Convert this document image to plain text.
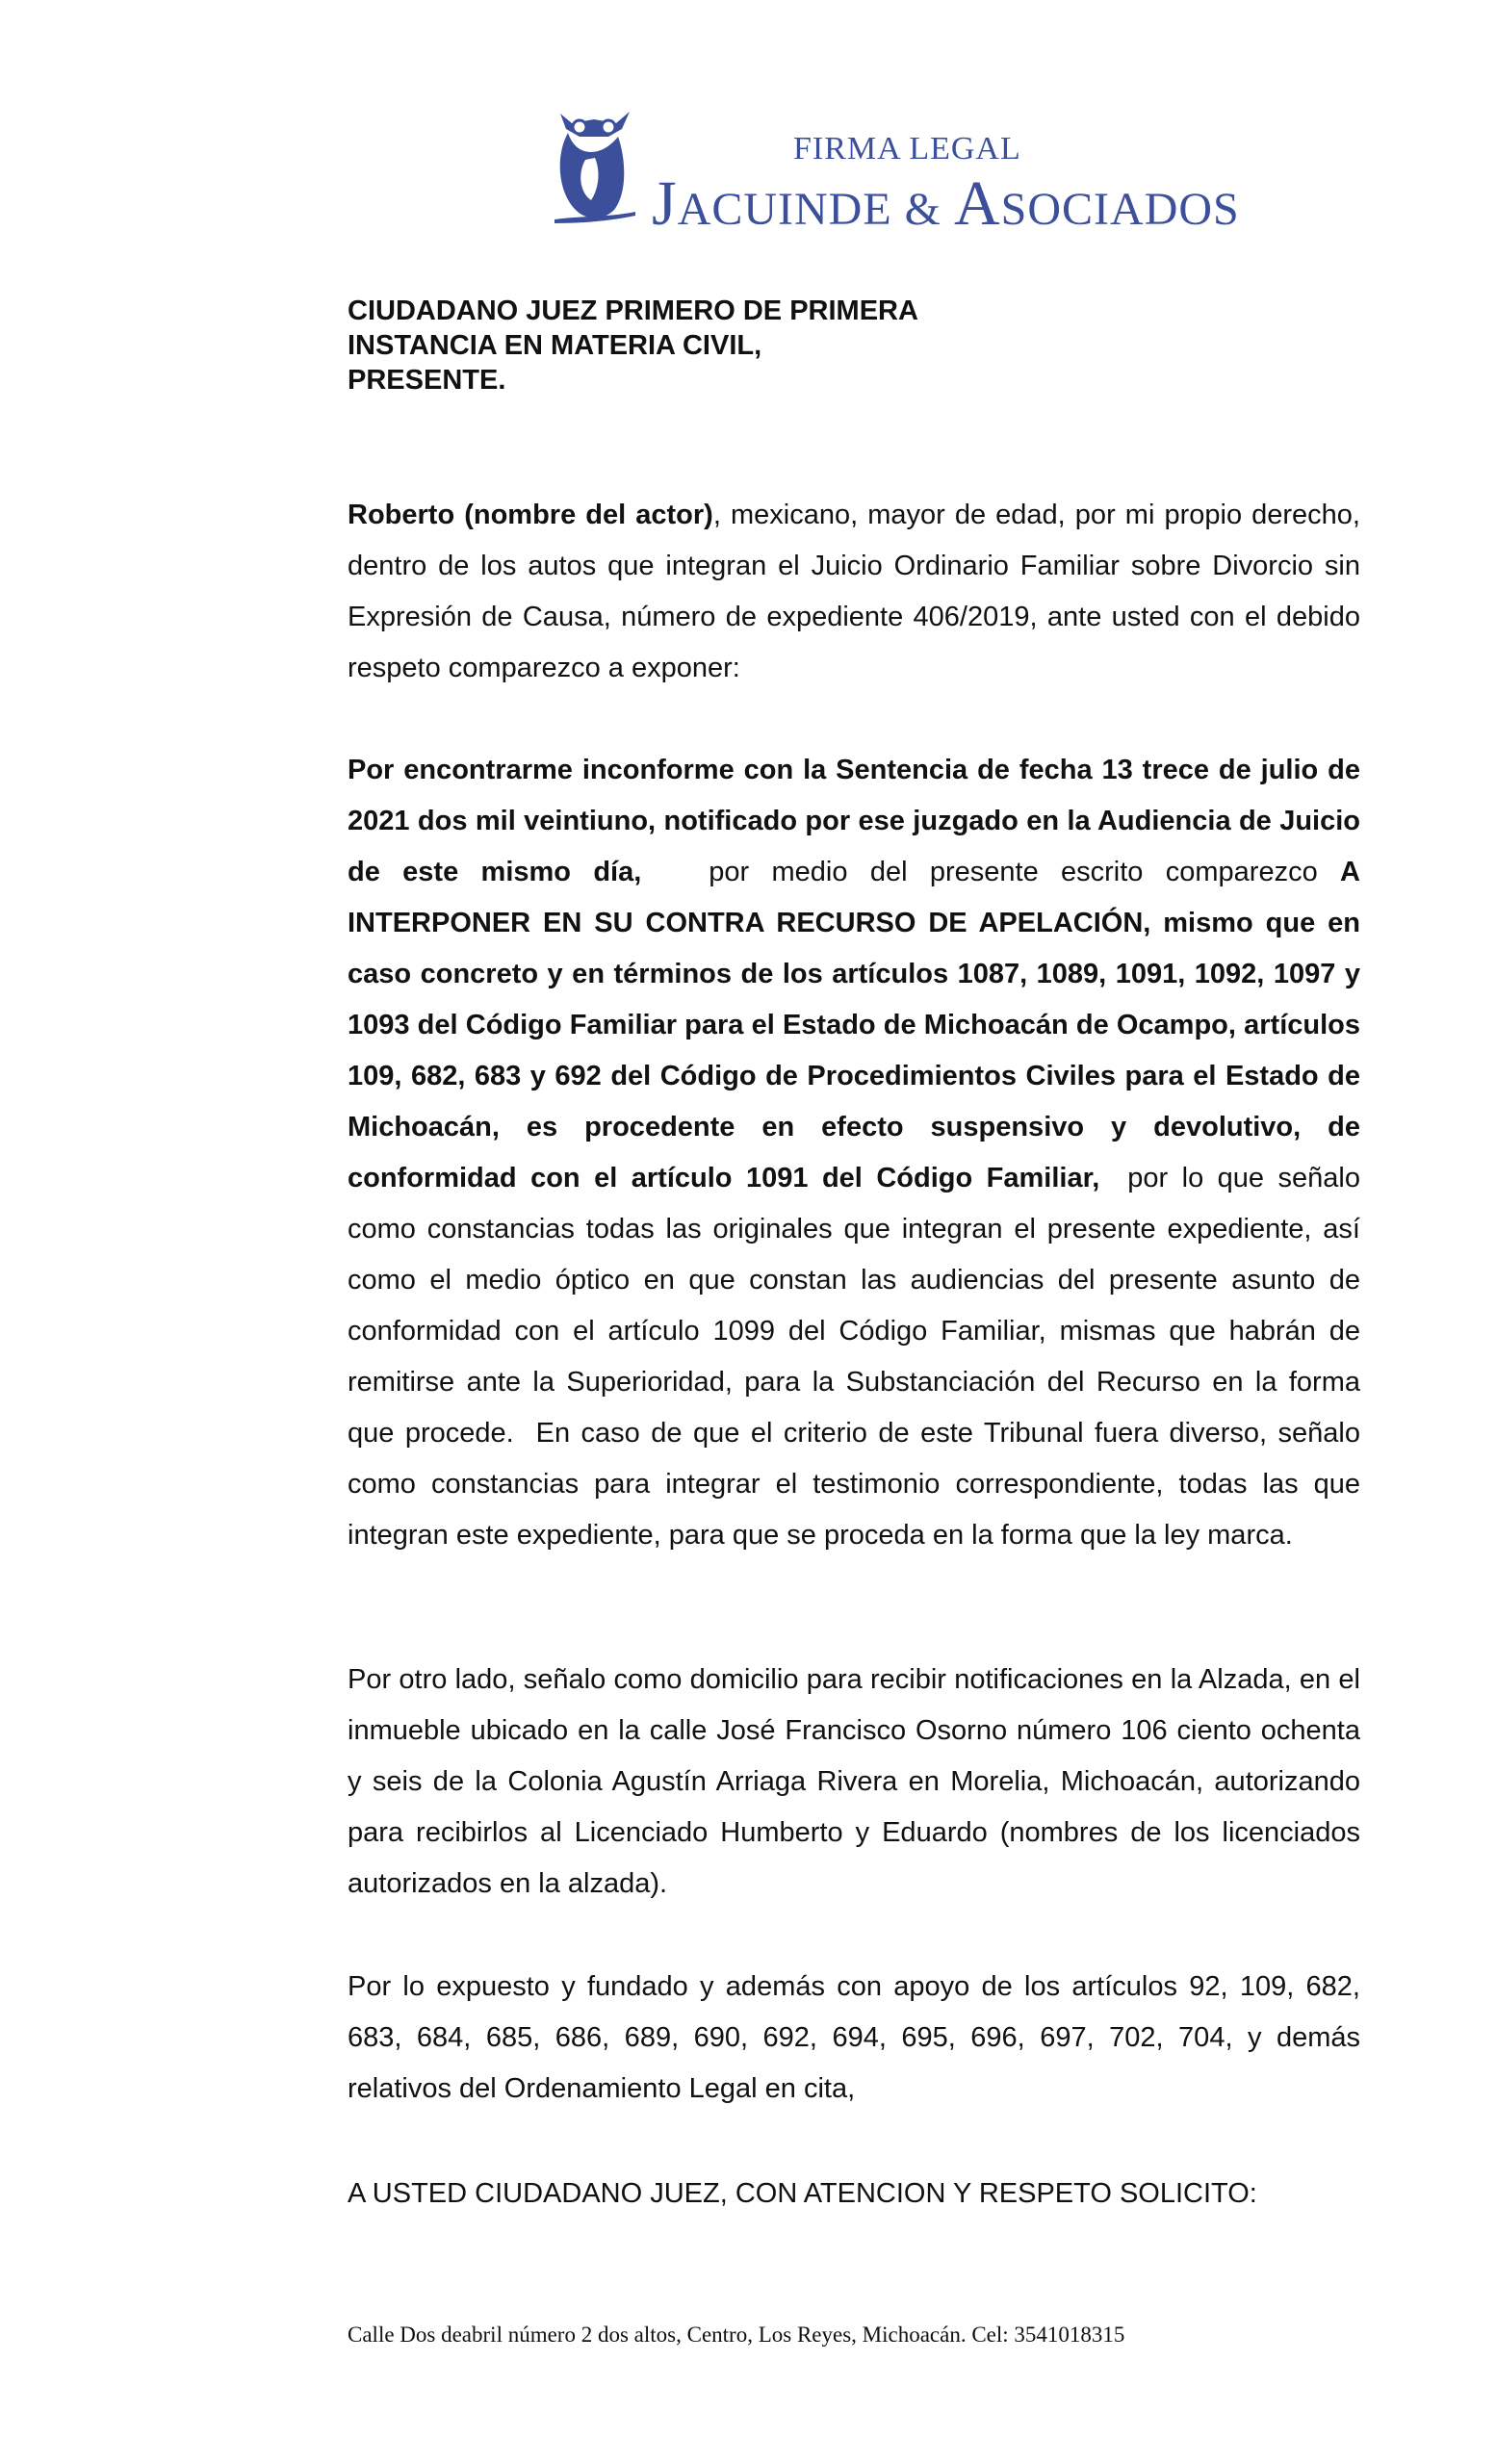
FIRMA LEGAL
JACUINDE & ASOCIADOS
CIUDADANO JUEZ PRIMERO DE PRIMERA
INSTANCIA EN MATERIA CIVIL,
PRESENTE.

Roberto (nombre del actor), mexicano, mayor de edad, por mi propio derecho, dentro de los autos que integran el Juicio Ordinario Familiar sobre Divorcio sin Expresión de Causa, número de expediente 406/2019, ante usted con el debido respeto comparezco a exponer:

Por encontrarme inconforme con la Sentencia de fecha 13 trece de julio de 2021 dos mil veintiuno, notificado por ese juzgado en la Audiencia de Juicio de este mismo día,   por medio del presente escrito comparezco A INTERPONER EN SU CONTRA RECURSO DE APELACIÓN, mismo que en caso concreto y en términos de los artículos 1087, 1089, 1091, 1092, 1097 y 1093 del Código Familiar para el Estado de Michoacán de Ocampo, artículos 109, 682, 683 y 692 del Código de Procedimientos Civiles para el Estado de Michoacán, es procedente en efecto suspensivo y devolutivo, de conformidad con el artículo 1091 del Código Familiar,  por lo que señalo como constancias todas las originales que integran el presente expediente, así como el medio óptico en que constan las audiencias del presente asunto de conformidad con el artículo 1099 del Código Familiar, mismas que habrán de remitirse ante la Superioridad, para la Substanciación del Recurso en la forma que procede.  En caso de que el criterio de este Tribunal fuera diverso, señalo como constancias para integrar el testimonio correspondiente, todas las que integran este expediente, para que se proceda en la forma que la ley marca.

Por otro lado, señalo como domicilio para recibir notificaciones en la Alzada, en el inmueble ubicado en la calle José Francisco Osorno número 106 ciento ochenta y seis de la Colonia Agustín Arriaga Rivera en Morelia, Michoacán, autorizando para recibirlos al Licenciado Humberto y Eduardo (nombres de los licenciados autorizados en la alzada).

Por lo expuesto y fundado y además con apoyo de los artículos 92, 109, 682, 683, 684, 685, 686, 689, 690, 692, 694, 695, 696, 697, 702, 704, y demás relativos del Ordenamiento Legal en cita,

A USTED CIUDADANO JUEZ, CON ATENCION Y RESPETO SOLICITO:

Calle Dos deabril número 2 dos altos, Centro, Los Reyes, Michoacán. Cel: 3541018315
